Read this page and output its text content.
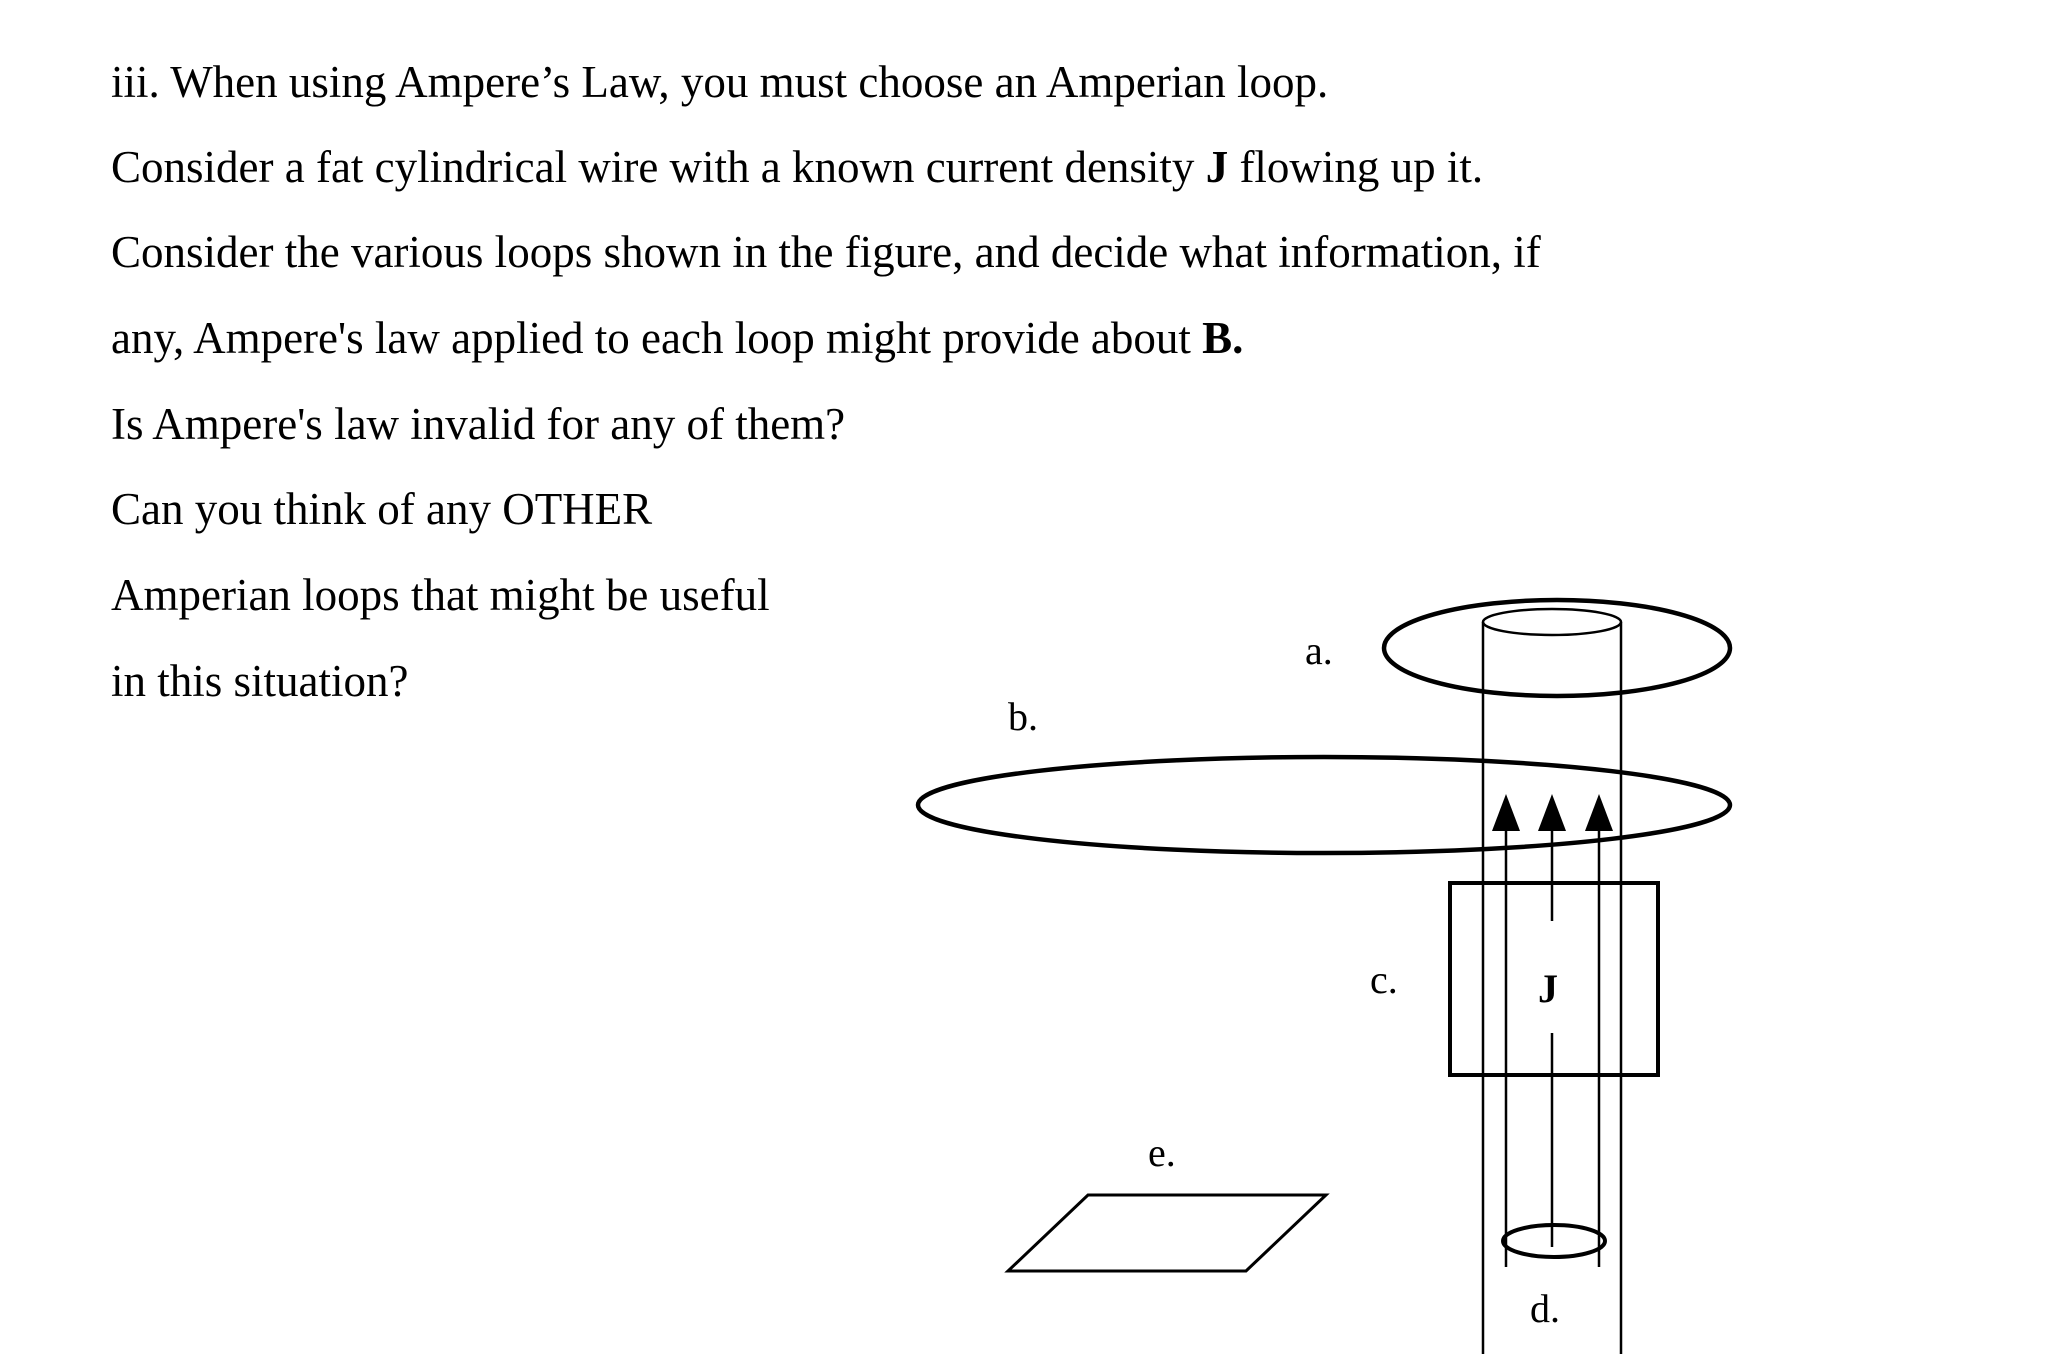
iii. When using Ampere’s Law, you must choose an Amperian loop.
Consider a fat cylindrical wire with a known current density J flowing up it.
Consider the various loops shown in the figure, and decide what information, if
any, Ampere's law applied to each loop might provide about B.
Is Ampere's law invalid for any of them?
Can you think of any OTHER
Amperian loops that might be useful
in this situation?
a.
b.
c.
d.
e.
J
